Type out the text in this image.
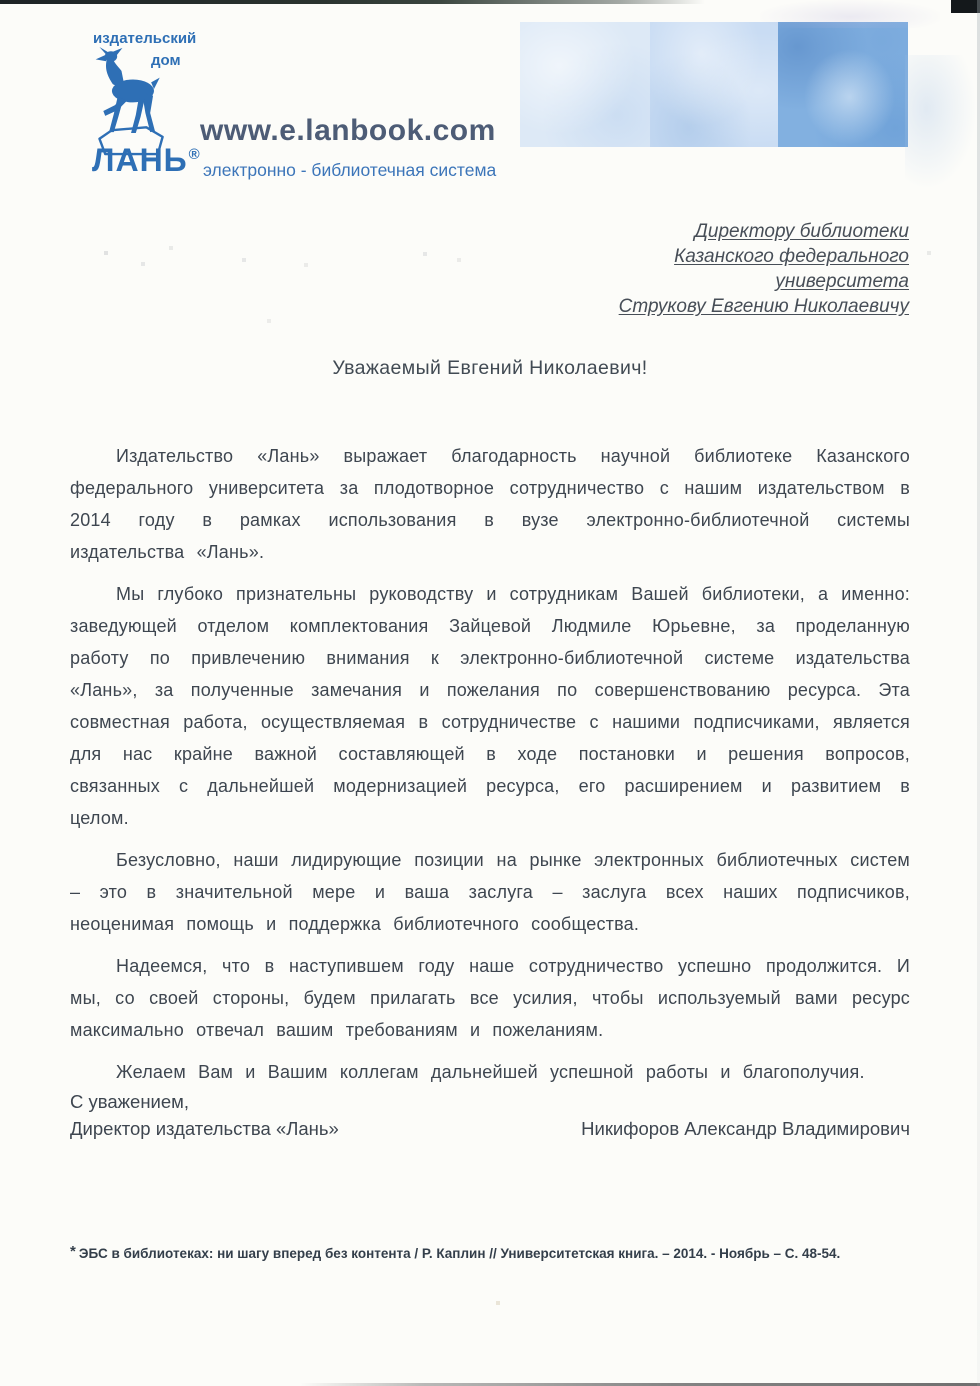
издательский
дом
ЛАНЬ®
www.e.lanbook.com
электронно - библиотечная система
Директору библиотеки
Казанского федерального
университета
Струкову Евгению Николаевичу
Уважаемый Евгений Николаевич!

Издательство «Лань» выражает благодарность научной библиотеке Казанского федерального университета за плодотворное сотрудничество с нашим издательством в 2014 году в рамках использования в вузе электронно-библиотечной системы издательства «Лань».

Мы глубоко признательны руководству и сотрудникам Вашей библиотеки, а именно: заведующей отделом комплектования Зайцевой Людмиле Юрьевне, за проделанную работу по привлечению внимания к электронно-библиотечной системе издательства «Лань», за полученные замечания и пожелания по совершенствованию ресурса. Эта совместная работа, осуществляемая в сотрудничестве с нашими подписчиками, является для нас крайне важной составляющей в ходе постановки и решения вопросов, связанных с дальнейшей модернизацией ресурса, его расширением и развитием в целом.

Безусловно, наши лидирующие позиции на рынке электронных библиотечных систем – это в значительной мере и ваша заслуга – заслуга всех наших подписчиков, неоценимая помощь и поддержка библиотечного сообщества.

Надеемся, что в наступившем году наше сотрудничество успешно продолжится. И мы, со своей стороны, будем прилагать все усилия, чтобы используемый вами ресурс максимально отвечал вашим требованиям и пожеланиям.

Желаем Вам и Вашим коллегам дальнейшей успешной работы и благополучия.

С уважением,
Директор издательства «Лань»	Никифоров Александр Владимирович
* ЭБС в библиотеках: ни шагу вперед без контента / Р. Каплин // Университетская книга. – 2014. - Ноябрь – С. 48-54.
